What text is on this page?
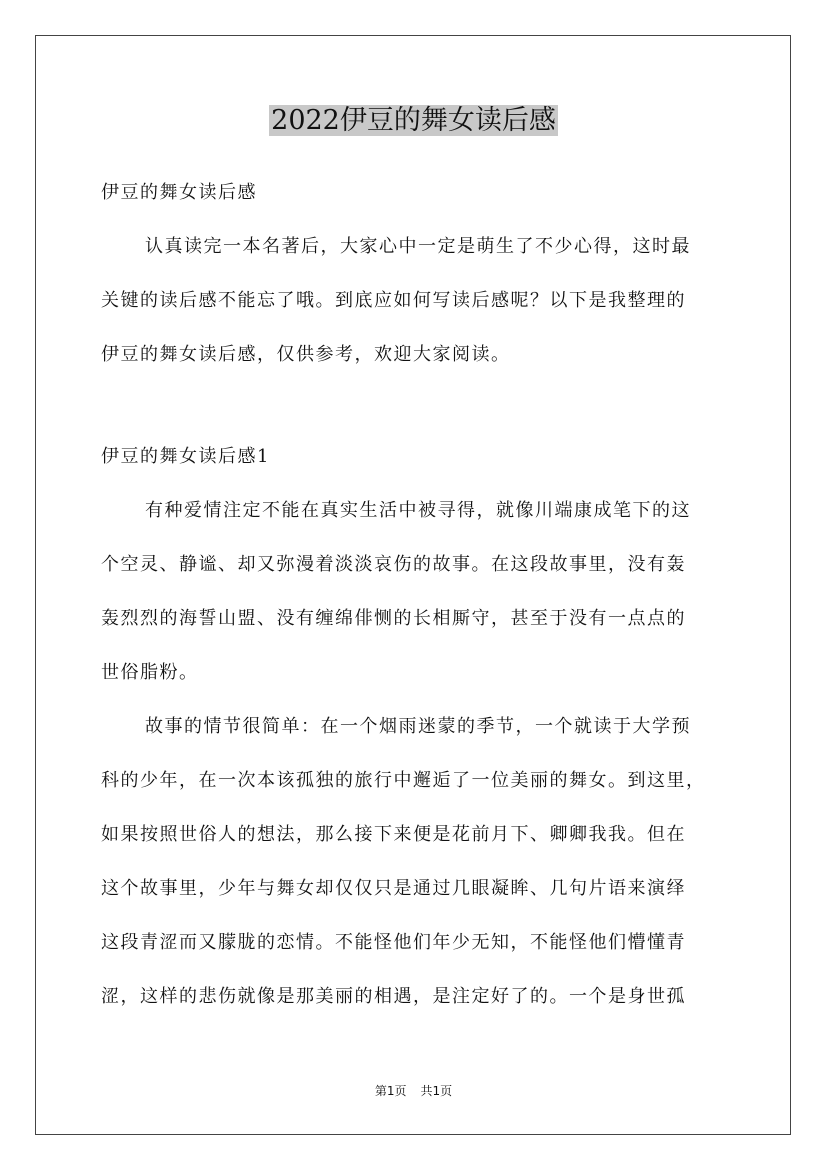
2022伊豆的舞女读后感

伊豆的舞女读后感

认真读完一本名著后，大家心中一定是萌生了不少心得，这时最

关键的读后感不能忘了哦。到底应如何写读后感呢？以下是我整理的

伊豆的舞女读后感，仅供参考，欢迎大家阅读。

伊豆的舞女读后感1

有种爱情注定不能在真实生活中被寻得，就像川端康成笔下的这

个空灵、静谧、却又弥漫着淡淡哀伤的故事。在这段故事里，没有轰

轰烈烈的海誓山盟、没有缠绵俳恻的长相厮守，甚至于没有一点点的

世俗脂粉。

故事的情节很简单：在一个烟雨迷蒙的季节，一个就读于大学预

科的少年，在一次本该孤独的旅行中邂逅了一位美丽的舞女。到这里，

如果按照世俗人的想法，那么接下来便是花前月下、卿卿我我。但在

这个故事里，少年与舞女却仅仅只是通过几眼凝眸、几句片语来演绎

这段青涩而又朦胧的恋情。不能怪他们年少无知，不能怪他们懵懂青

涩，这样的悲伤就像是那美丽的相遇，是注定好了的。一个是身世孤

第1页 共1页
